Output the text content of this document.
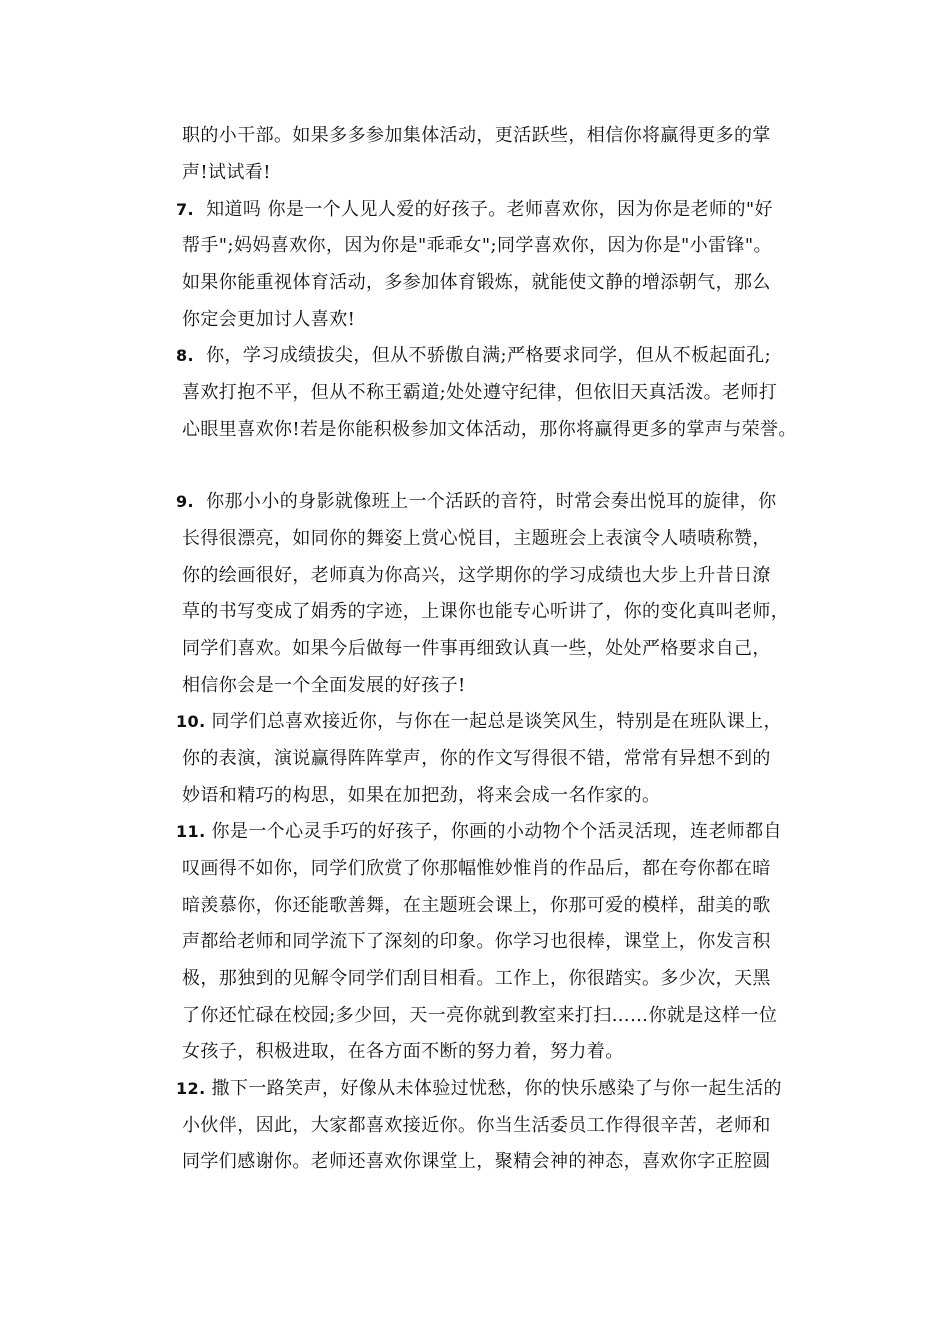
职的小干部。如果多多参加集体活动，更活跃些，相信你将赢得更多的掌
声!试试看!
7. 知道吗 你是一个人见人爱的好孩子。老师喜欢你，因为你是老师的"好
帮手";妈妈喜欢你，因为你是"乖乖女";同学喜欢你，因为你是"小雷锋"。
如果你能重视体育活动，多参加体育锻炼，就能使文静的增添朝气，那么
你定会更加讨人喜欢!
8. 你，学习成绩拔尖，但从不骄傲自满;严格要求同学，但从不板起面孔;
喜欢打抱不平，但从不称王霸道;处处遵守纪律，但依旧天真活泼。老师打
心眼里喜欢你!若是你能积极参加文体活动，那你将赢得更多的掌声与荣誉。
9. 你那小小的身影就像班上一个活跃的音符，时常会奏出悦耳的旋律，你
长得很漂亮，如同你的舞姿上赏心悦目，主题班会上表演令人啧啧称赞，
你的绘画很好，老师真为你高兴，这学期你的学习成绩也大步上升昔日潦
草的书写变成了娟秀的字迹，上课你也能专心听讲了，你的变化真叫老师，
同学们喜欢。如果今后做每一件事再细致认真一些，处处严格要求自己，
相信你会是一个全面发展的好孩子!
10. 同学们总喜欢接近你，与你在一起总是谈笑风生，特别是在班队课上，
你的表演，演说赢得阵阵掌声，你的作文写得很不错，常常有异想不到的
妙语和精巧的构思，如果在加把劲，将来会成一名作家的。
11. 你是一个心灵手巧的好孩子，你画的小动物个个活灵活现，连老师都自
叹画得不如你，同学们欣赏了你那幅惟妙惟肖的作品后，都在夸你都在暗
暗羡慕你，你还能歌善舞，在主题班会课上，你那可爱的模样，甜美的歌
声都给老师和同学流下了深刻的印象。你学习也很棒，课堂上，你发言积
极，那独到的见解令同学们刮目相看。工作上，你很踏实。多少次，天黑
了你还忙碌在校园;多少回，天一亮你就到教室来打扫……你就是这样一位
女孩子，积极进取，在各方面不断的努力着，努力着。
12. 撒下一路笑声，好像从未体验过忧愁，你的快乐感染了与你一起生活的
小伙伴，因此，大家都喜欢接近你。你当生活委员工作得很辛苦，老师和
同学们感谢你。老师还喜欢你课堂上，聚精会神的神态，喜欢你字正腔圆
